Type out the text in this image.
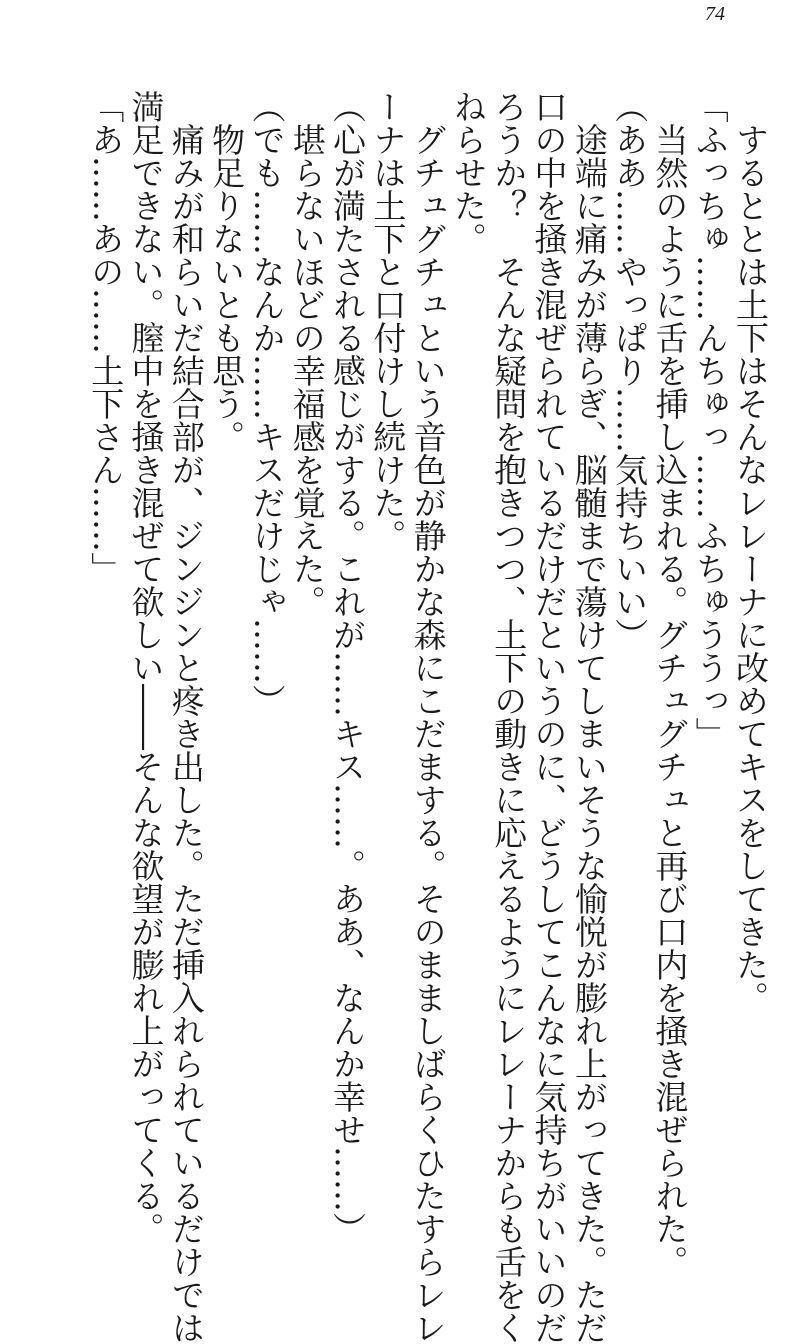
74
するととは土下はそんなレレーナに改めてキスをしてきた。
「ふっちゅ……んちゅっ……ふちゅううっ」
当然のように舌を挿し込まれる。グチュグチュと再び口内を掻き混ぜられた。
（ああ……やっぱり……気持ちいい）
途端に痛みが薄らぎ、脳髄まで蕩けてしまいそうな愉悦が膨れ上がってきた。ただ
口の中を掻き混ぜられているだけだというのに、どうしてこんなに気持ちがいいのだ
ろうか？　そんな疑問を抱きつつ、土下の動きに応えるようにレレーナからも舌をく
ねらせた。
グチュグチュという音色が静かな森にこだまする。そのまましばらくひたすらレレ
ーナは土下と口付けし続けた。
（心が満たされる感じがする。これが……キス……。ああ、なんか幸せ……）
堪らないほどの幸福感を覚えた。
（でも……なんか……キスだけじゃ……）
物足りないとも思う。
痛みが和らいだ結合部が、ジンジンと疼き出した。ただ挿入れられているだけでは
満足できない。膣中を掻き混ぜて欲しい――そんな欲望が膨れ上がってくる。
「あ……あの……土下さん……」
